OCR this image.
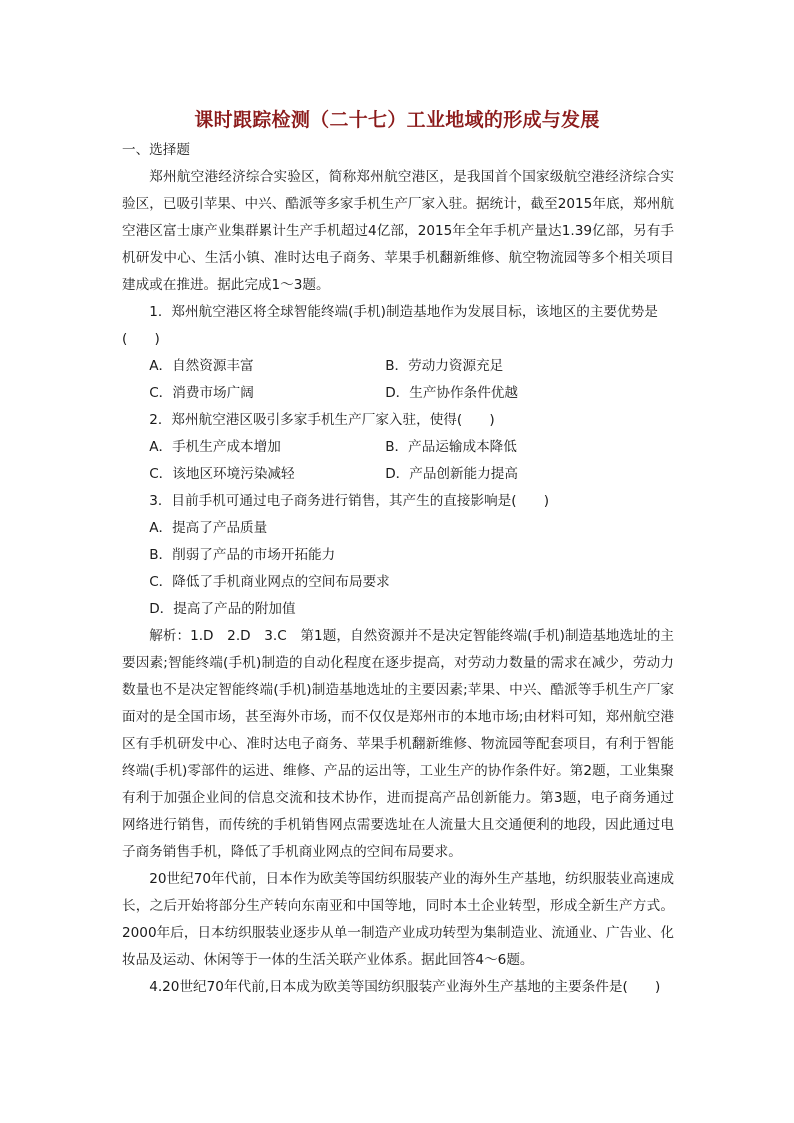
课时跟踪检测（二十七）工业地域的形成与发展

一、选择题

郑州航空港经济综合实验区，简称郑州航空港区，是我国首个国家级航空港经济综合实验区，已吸引苹果、中兴、酷派等多家手机生产厂家入驻。据统计，截至2015年底，郑州航空港区富士康产业集群累计生产手机超过4亿部，2015年全年手机产量达1.39亿部，另有手机研发中心、生活小镇、准时达电子商务、苹果手机翻新维修、航空物流园等多个相关项目建成或在推进。据此完成1～3题。

1．郑州航空港区将全球智能终端(手机)制造基地作为发展目标，该地区的主要优势是(　　)

A．自然资源丰富	B．劳动力资源充足

C．消费市场广阔	D．生产协作条件优越

2．郑州航空港区吸引多家手机生产厂家入驻，使得(　　)

A．手机生产成本增加	B．产品运输成本降低

C．该地区环境污染减轻	D．产品创新能力提高

3．目前手机可通过电子商务进行销售，其产生的直接影响是(　　)

A．提高了产品质量

B．削弱了产品的市场开拓能力

C．降低了手机商业网点的空间布局要求

D．提高了产品的附加值

解析：1.D　2.D　3.C　第1题，自然资源并不是决定智能终端(手机)制造基地选址的主要因素;智能终端(手机)制造的自动化程度在逐步提高，对劳动力数量的需求在减少，劳动力数量也不是决定智能终端(手机)制造基地选址的主要因素;苹果、中兴、酷派等手机生产厂家面对的是全国市场，甚至海外市场，而不仅仅是郑州市的本地市场;由材料可知，郑州航空港区有手机研发中心、准时达电子商务、苹果手机翻新维修、物流园等配套项目，有利于智能终端(手机)零部件的运进、维修、产品的运出等，工业生产的协作条件好。第2题，工业集聚有利于加强企业间的信息交流和技术协作，进而提高产品创新能力。第3题，电子商务通过网络进行销售，而传统的手机销售网点需要选址在人流量大且交通便利的地段，因此通过电子商务销售手机，降低了手机商业网点的空间布局要求。

20世纪70年代前，日本作为欧美等国纺织服装产业的海外生产基地，纺织服装业高速成长，之后开始将部分生产转向东南亚和中国等地，同时本土企业转型，形成全新生产方式。2000年后，日本纺织服装业逐步从单一制造产业成功转型为集制造业、流通业、广告业、化妆品及运动、休闲等于一体的生活关联产业体系。据此回答4～6题。

4.20世纪70年代前,日本成为欧美等国纺织服装产业海外生产基地的主要条件是(　　)
